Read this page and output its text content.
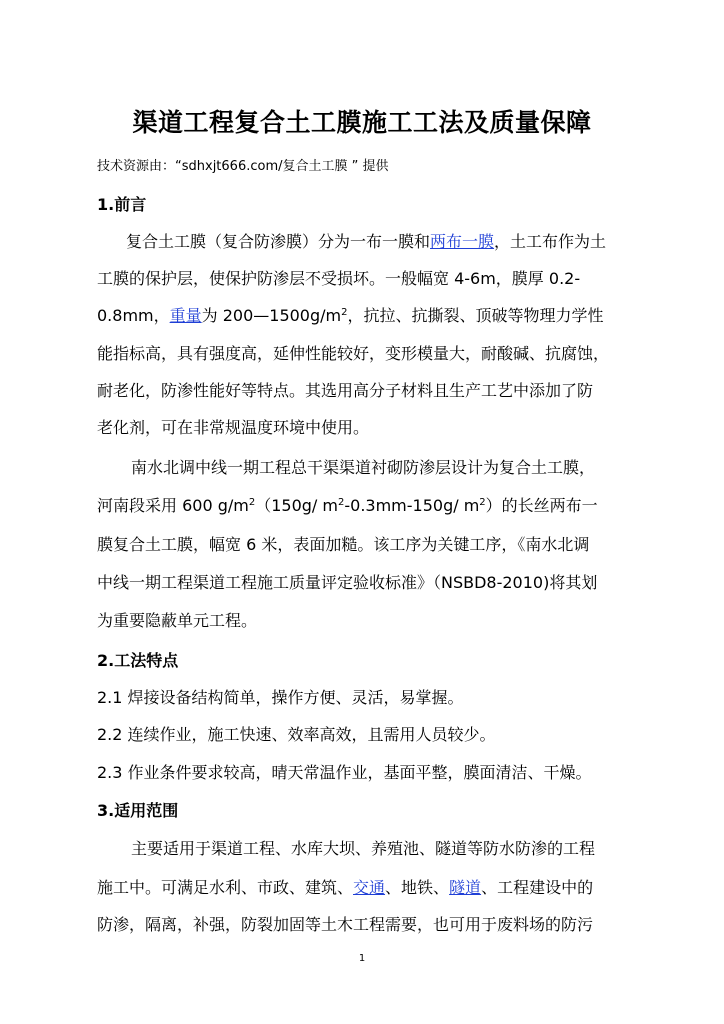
渠道工程复合土工膜施工工法及质量保障
技术资源由：“sdhxjt666.com/复合土工膜 ” 提供
1.前言
复合土工膜（复合防渗膜）分为一布一膜和两布一膜，土工布作为土
工膜的保护层，使保护防渗层不受损坏。一般幅宽 4-6m，膜厚 0.2-
0.8mm，重量为 $200—1500g/m^2$，抗拉、抗撕裂、顶破等物理力学性
能指标高，具有强度高，延伸性能较好，变形模量大，耐酸碱、抗腐蚀，
耐老化，防渗性能好等特点。其选用高分子材料且生产工艺中添加了防
老化剂，可在非常规温度环境中使用。
南水北调中线一期工程总干渠渠道衬砌防渗层设计为复合土工膜，
河南段采用 600 $g/m^2(150g/$ $m^2-0.3mm-150g/$ $m^2$）的长丝两布一
膜复合土工膜，幅宽 6 米，表面加糙。该工序为关键工序，《南水北调
中线一期工程渠道工程施工质量评定验收标准》（NSBD8-2010)将其划
为重要隐蔽单元工程。
2.工法特点
2.1 焊接设备结构简单，操作方便、灵活，易掌握。
2.2 连续作业，施工快速、效率高效，且需用人员较少。
2.3 作业条件要求较高，晴天常温作业，基面平整，膜面清洁、干燥。
3.适用范围
主要适用于渠道工程、水库大坝、养殖池、隧道等防水防渗的工程
施工中。可满足水利、市政、建筑、交通、地铁、隧道、工程建设中的
防渗，隔离，补强，防裂加固等土木工程需要，也可用于废料场的防污
1
